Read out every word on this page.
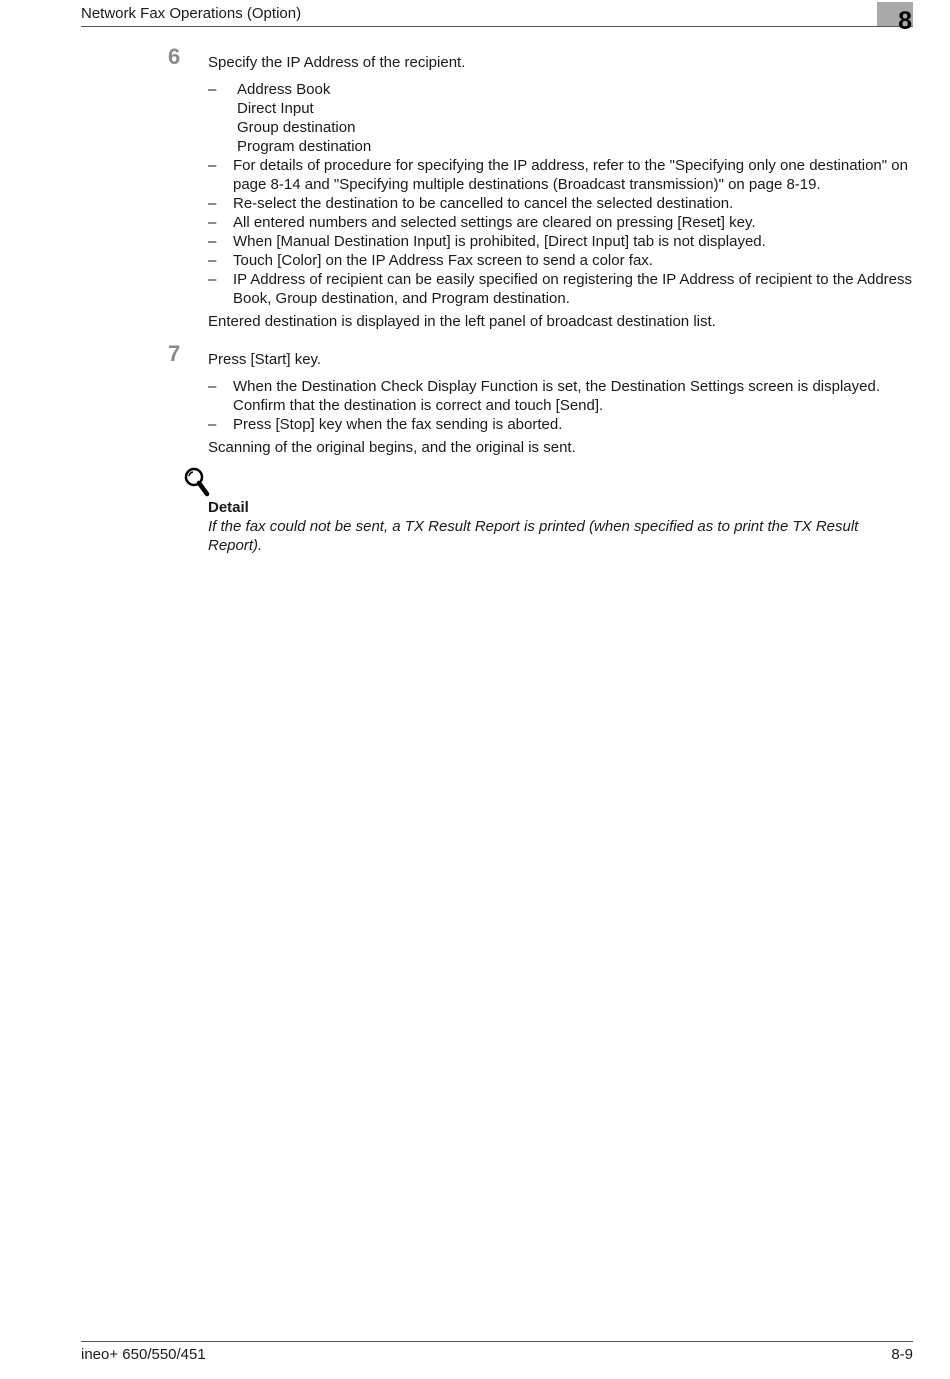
Network Fax Operations (Option)	8
6 Specify the IP Address of the recipient.
– Address Book
Direct Input
Group destination
Program destination
– For details of procedure for specifying the IP address, refer to the "Specifying only one destination" on page 8-14 and "Specifying multiple destinations (Broadcast transmission)" on page 8-19.
– Re-select the destination to be cancelled to cancel the selected destination.
– All entered numbers and selected settings are cleared on pressing [Reset] key.
– When [Manual Destination Input] is prohibited, [Direct Input] tab is not displayed.
– Touch [Color] on the IP Address Fax screen to send a color fax.
– IP Address of recipient can be easily specified on registering the IP Address of recipient to the Address Book, Group destination, and Program destination.
Entered destination is displayed in the left panel of broadcast destination list.
7 Press [Start] key.
– When the Destination Check Display Function is set, the Destination Settings screen is displayed. Confirm that the destination is correct and touch [Send].
– Press [Stop] key when the fax sending is aborted.
Scanning of the original begins, and the original is sent.
Detail
If the fax could not be sent, a TX Result Report is printed (when specified as to print the TX Result Report).
ineo+ 650/550/451	8-9
